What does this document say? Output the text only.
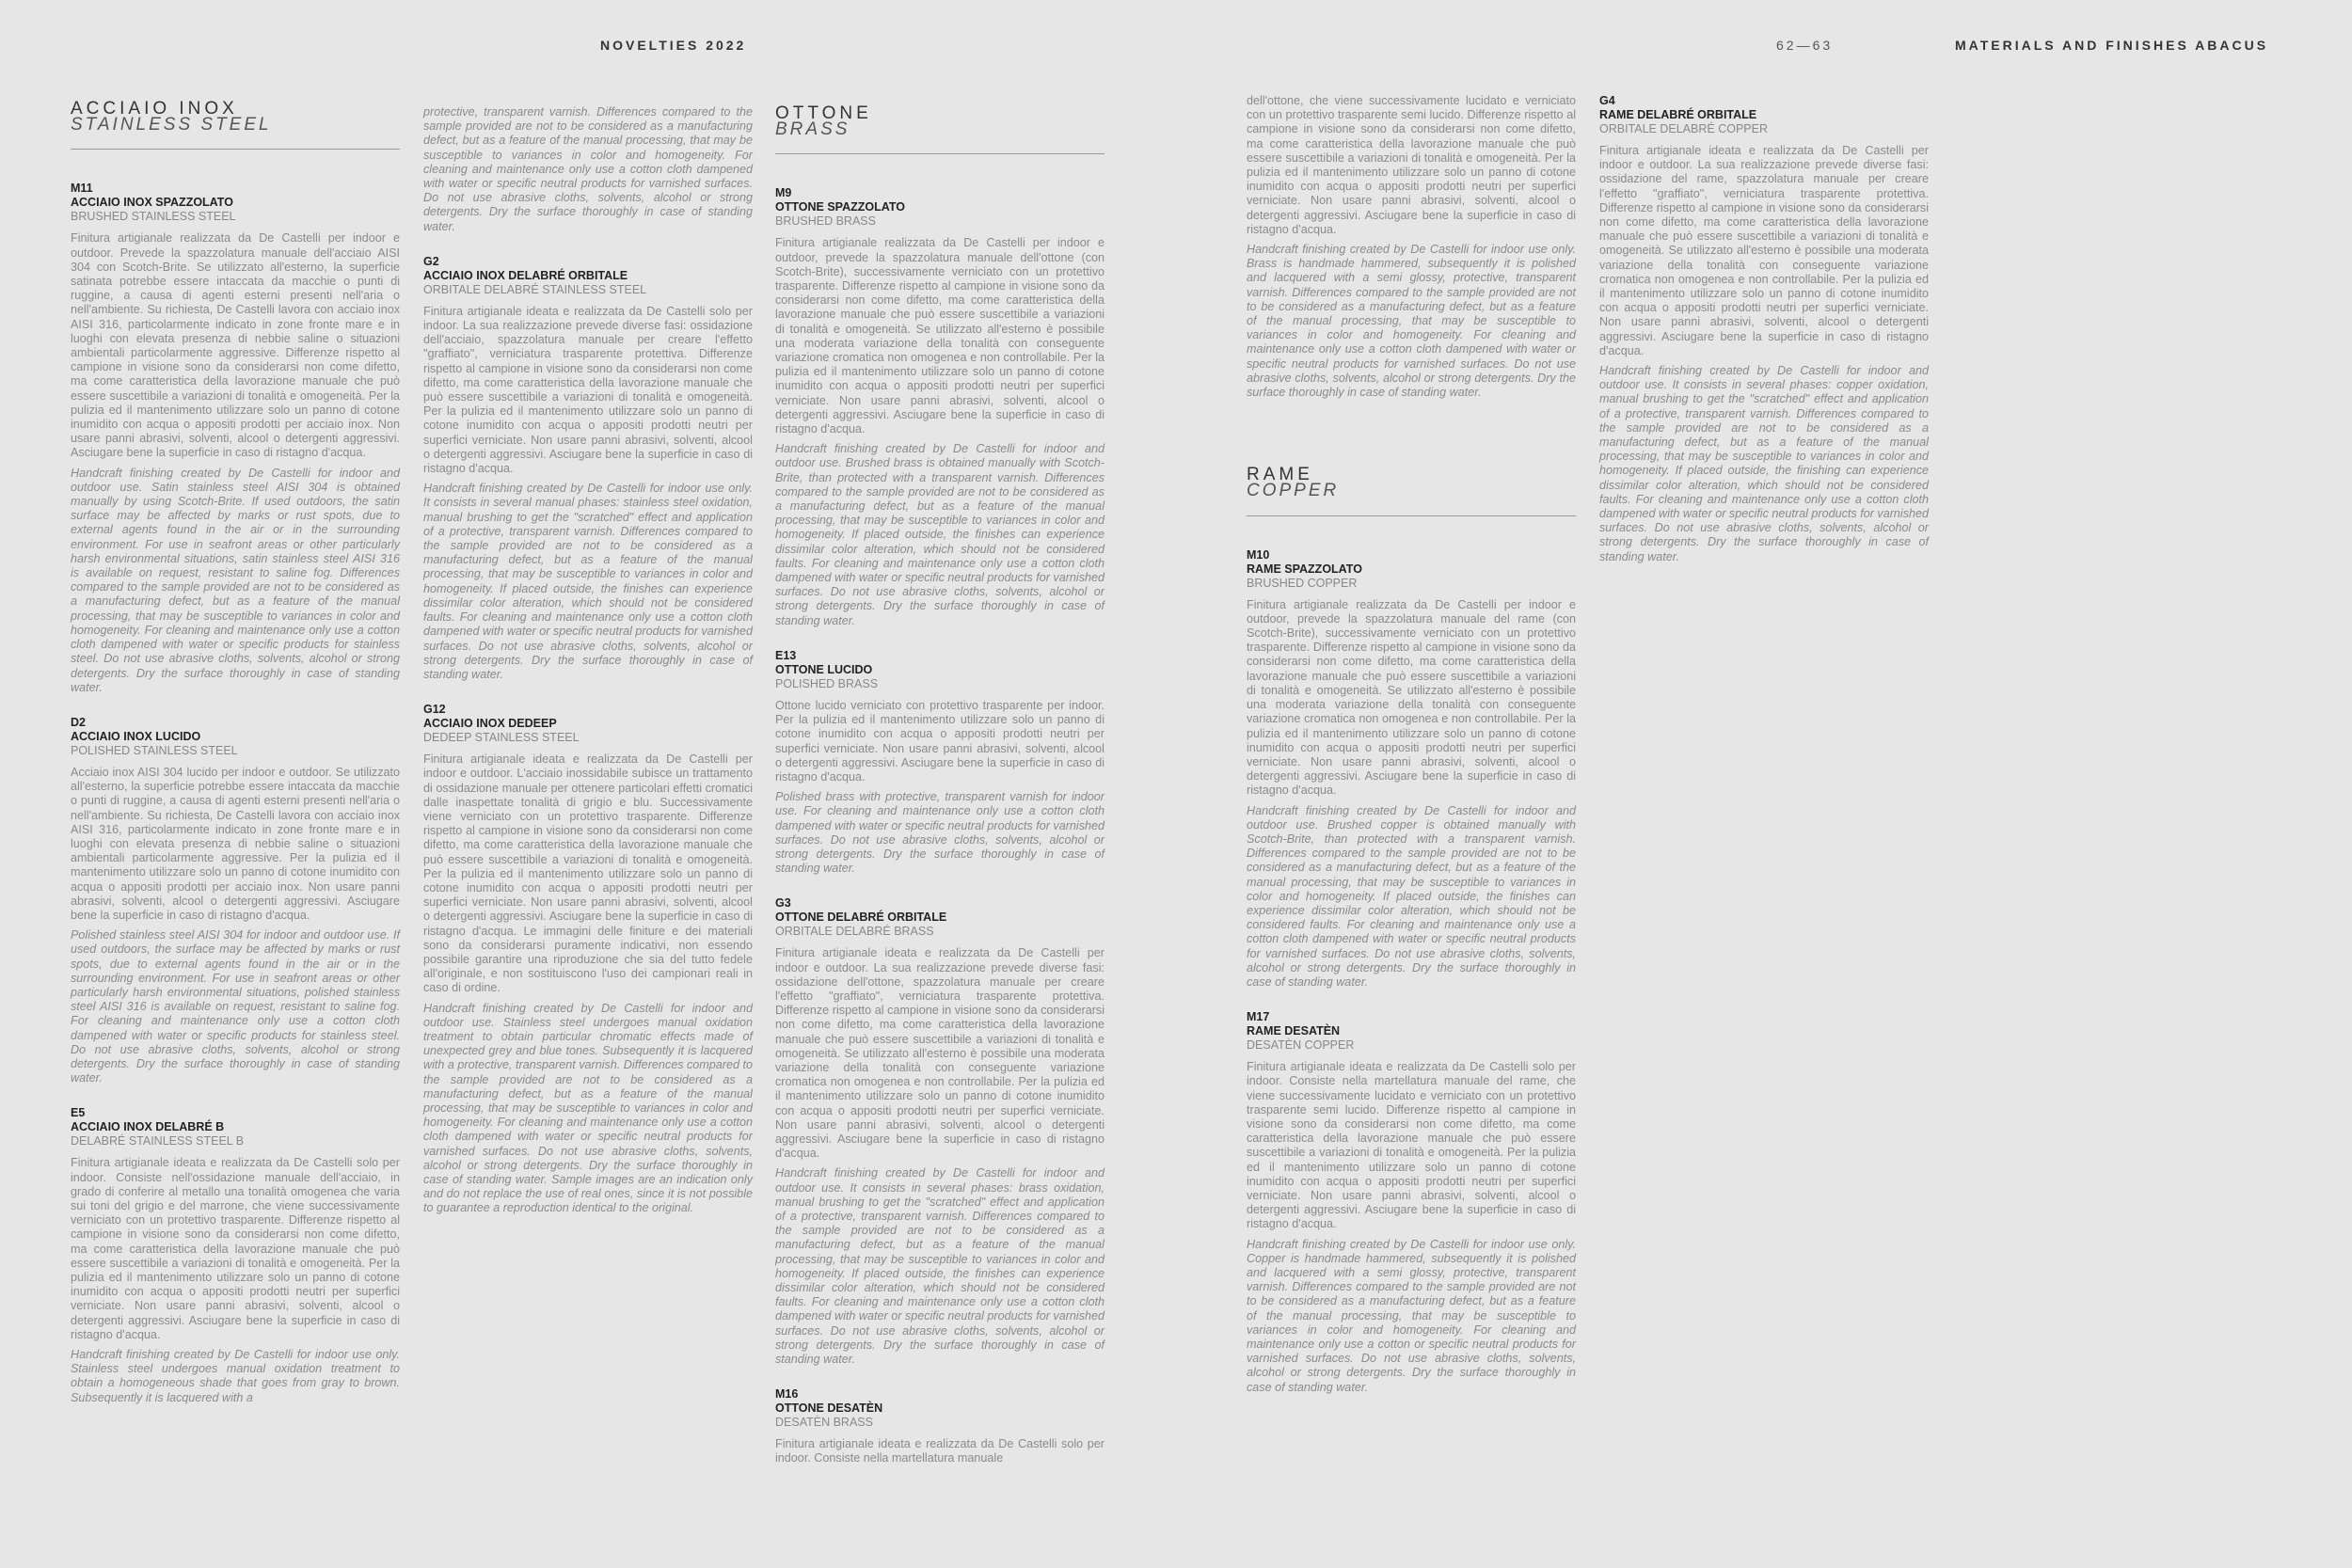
NOVELTIES 2022	62—63	MATERIALS AND FINISHES ABACUS
ACCIAIO INOX
STAINLESS STEEL
M11
ACCIAIO INOX SPAZZOLATO
BRUSHED STAINLESS STEEL

Finitura artigianale realizzata da De Castelli per indoor e outdoor. Prevede la spazzolatura manuale dell'acciaio AISI 304 con Scotch-Brite. Se utilizzato all'esterno, la superficie satinata potrebbe essere intaccata da macchie o punti di ruggine, a causa di agenti esterni presenti nell'aria o nell'ambiente. Su richiesta, De Castelli lavora con acciaio inox AISI 316, particolarmente indicato in zone fronte mare e in luoghi con elevata presenza di nebbie saline o situazioni ambientali particolarmente aggressive. Differenze rispetto al campione in visione sono da considerarsi non come difetto, ma come caratteristica della lavorazione manuale che può essere suscettibile a variazioni di tonalità e omogeneità. Per la pulizia ed il mantenimento utilizzare solo un panno di cotone inumidito con acqua o appositi prodotti per acciaio inox. Non usare panni abrasivi, solventi, alcool o detergenti aggressivi. Asciugare bene la superficie in caso di ristagno d'acqua.

Handcraft finishing created by De Castelli for indoor and outdoor use. Satin stainless steel AISI 304 is obtained manually by using Scotch-Brite. If used outdoors, the satin surface may be affected by marks or rust spots, due to external agents found in the air or in the surrounding environment. For use in seafront areas or other particularly harsh environmental situations, satin stainless steel AISI 316 is available on request, resistant to saline fog. Differences compared to the sample provided are not to be considered as a manufacturing defect, but as a feature of the manual processing, that may be susceptible to variances in color and homogeneity. For cleaning and maintenance only use a cotton cloth dampened with water or specific products for stainless steel. Do not use abrasive cloths, solvents, alcohol or strong detergents. Dry the surface thoroughly in case of standing water.

D2
ACCIAIO INOX LUCIDO
POLISHED STAINLESS STEEL

Acciaio inox AISI 304 lucido per indoor e outdoor. Se utilizzato all'esterno, la superficie potrebbe essere intaccata da macchie o punti di ruggine, a causa di agenti esterni presenti nell'aria o nell'ambiente. Su richiesta, De Castelli lavora con acciaio inox AISI 316, particolarmente indicato in zone fronte mare e in luoghi con elevata presenza di nebbie saline o situazioni ambientali particolarmente aggressive. Per la pulizia ed il mantenimento utilizzare solo un panno di cotone inumidito con acqua o appositi prodotti per acciaio inox. Non usare panni abrasivi, solventi, alcool o detergenti aggressivi. Asciugare bene la superficie in caso di ristagno d'acqua.

Polished stainless steel AISI 304 for indoor and outdoor use. If used outdoors, the surface may be affected by marks or rust spots, due to external agents found in the air or in the surrounding environment. For use in seafront areas or other particularly harsh environmental situations, polished stainless steel AISI 316 is available on request, resistant to saline fog. For cleaning and maintenance only use a cotton cloth dampened with water or specific products for stainless steel. Do not use abrasive cloths, solvents, alcohol or strong detergents. Dry the surface thoroughly in case of standing water.

E5
ACCIAIO INOX DELABRÉ B
DELABRÉ STAINLESS STEEL B

Finitura artigianale ideata e realizzata da De Castelli solo per indoor. Consiste nell'ossidazione manuale dell'acciaio, in grado di conferire al metallo una tonalità omogenea che varia sui toni del grigio e del marrone, che viene successivamente verniciato con un protettivo trasparente. Differenze rispetto al campione in visione sono da considerarsi non come difetto, ma come caratteristica della lavorazione manuale che può essere suscettibile a variazioni di tonalità e omogeneità. Per la pulizia ed il mantenimento utilizzare solo un panno di cotone inumidito con acqua o appositi prodotti neutri per superfici verniciate. Non usare panni abrasivi, solventi, alcool o detergenti aggressivi. Asciugare bene la superficie in caso di ristagno d'acqua.

Handcraft finishing created by De Castelli for indoor use only. Stainless steel undergoes manual oxidation treatment to obtain a homogeneous shade that goes from gray to brown. Subsequently it is lacquered with a

protective, transparent varnish. Differences compared to the sample provided are not to be considered as a manufacturing defect, but as a feature of the manual processing, that may be susceptible to variances in color and homogeneity. For cleaning and maintenance only use a cotton cloth dampened with water or specific neutral products for varnished surfaces. Do not use abrasive cloths, solvents, alcohol or strong detergents. Dry the surface thoroughly in case of standing water.

G2
ACCIAIO INOX DELABRÉ ORBITALE
ORBITALE DELABRÉ STAINLESS STEEL

Finitura artigianale ideata e realizzata da De Castelli solo per indoor. La sua realizzazione prevede diverse fasi: ossidazione dell'acciaio, spazzolatura manuale per creare l'effetto "graffiato", verniciatura trasparente protettiva. Differenze rispetto al campione in visione sono da considerarsi non come difetto, ma come caratteristica della lavorazione manuale che può essere suscettibile a variazioni di tonalità e omogeneità. Per la pulizia ed il mantenimento utilizzare solo un panno di cotone inumidito con acqua o appositi prodotti neutri per superfici verniciate. Non usare panni abrasivi, solventi, alcool o detergenti aggressivi. Asciugare bene la superficie in caso di ristagno d'acqua.

Handcraft finishing created by De Castelli for indoor use only. It consists in several manual phases: stainless steel oxidation, manual brushing to get the "scratched" effect and application of a protective, transparent varnish. Differences compared to the sample provided are not to be considered as a manufacturing defect, but as a feature of the manual processing, that may be susceptible to variances in color and homogeneity. If placed outside, the finishes can experience dissimilar color alteration, which should not be considered faults. For cleaning and maintenance only use a cotton cloth dampened with water or specific neutral products for varnished surfaces. Do not use abrasive cloths, solvents, alcohol or strong detergents. Dry the surface thoroughly in case of standing water.

G12
ACCIAIO INOX DEDEEP
DEDEEP STAINLESS STEEL

Finitura artigianale ideata e realizzata da De Castelli per indoor e outdoor. L'acciaio inossidabile subisce un trattamento di ossidazione manuale per ottenere particolari effetti cromatici dalle inaspettate tonalità di grigio e blu. Successivamente viene verniciato con un protettivo trasparente. Differenze rispetto al campione in visione sono da considerarsi non come difetto, ma come caratteristica della lavorazione manuale che può essere suscettibile a variazioni di tonalità e omogeneità. Per la pulizia ed il mantenimento utilizzare solo un panno di cotone inumidito con acqua o appositi prodotti neutri per superfici verniciate. Non usare panni abrasivi, solventi, alcool o detergenti aggressivi. Asciugare bene la superficie in caso di ristagno d'acqua. Le immagini delle finiture e dei materiali sono da considerarsi puramente indicativi, non essendo possibile garantire una riproduzione che sia del tutto fedele all'originale, e non sostituiscono l'uso dei campionari reali in caso di ordine.

Handcraft finishing created by De Castelli for indoor and outdoor use. Stainless steel undergoes manual oxidation treatment to obtain particular chromatic effects made of unexpected grey and blue tones. Subsequently it is lacquered with a protective, transparent varnish. Differences compared to the sample provided are not to be considered as a manufacturing defect, but as a feature of the manual processing, that may be susceptible to variances in color and homogeneity. For cleaning and maintenance only use a cotton cloth dampened with water or specific neutral products for varnished surfaces. Do not use abrasive cloths, solvents, alcohol or strong detergents. Dry the surface thoroughly in case of standing water. Sample images are an indication only and do not replace the use of real ones, since it is not possible to guarantee a reproduction identical to the original.

OTTONE
BRASS
M9
OTTONE SPAZZOLATO
BRUSHED BRASS

Finitura artigianale realizzata da De Castelli per indoor e outdoor, prevede la spazzolatura manuale dell'ottone (con Scotch-Brite), successivamente verniciato con un protettivo trasparente. Differenze rispetto al campione in visione sono da considerarsi non come difetto, ma come caratteristica della lavorazione manuale che può essere suscettibile a variazioni di tonalità e omogeneità. Se utilizzato all'esterno è possibile una moderata variazione della tonalità con conseguente variazione cromatica non omogenea e non controllabile. Per la pulizia ed il mantenimento utilizzare solo un panno di cotone inumidito con acqua o appositi prodotti neutri per superfici verniciate. Non usare panni abrasivi, solventi, alcool o detergenti aggressivi. Asciugare bene la superficie in caso di ristagno d'acqua.

Handcraft finishing created by De Castelli for indoor and outdoor use. Brushed brass is obtained manually with Scotch-Brite, than protected with a transparent varnish. Differences compared to the sample provided are not to be considered as a manufacturing defect, but as a feature of the manual processing, that may be susceptible to variances in color and homogeneity. If placed outside, the finishes can experience dissimilar color alteration, which should not be considered faults. For cleaning and maintenance only use a cotton cloth dampened with water or specific neutral products for varnished surfaces. Do not use abrasive cloths, solvents, alcohol or strong detergents. Dry the surface thoroughly in case of standing water.

E13
OTTONE LUCIDO
POLISHED BRASS

Ottone lucido verniciato con protettivo trasparente per indoor. Per la pulizia ed il mantenimento utilizzare solo un panno di cotone inumidito con acqua o appositi prodotti neutri per superfici verniciate. Non usare panni abrasivi, solventi, alcool o detergenti aggressivi. Asciugare bene la superficie in caso di ristagno d'acqua.

Polished brass with protective, transparent varnish for indoor use. For cleaning and maintenance only use a cotton cloth dampened with water or specific neutral products for varnished surfaces. Do not use abrasive cloths, solvents, alcohol or strong detergents. Dry the surface thoroughly in case of standing water.

G3
OTTONE DELABRÉ ORBITALE
ORBITALE DELABRÉ BRASS

Finitura artigianale ideata e realizzata da De Castelli per indoor e outdoor. La sua realizzazione prevede diverse fasi: ossidazione dell'ottone, spazzolatura manuale per creare l'effetto "graffiato", verniciatura trasparente protettiva. Differenze rispetto al campione in visione sono da considerarsi non come difetto, ma come caratteristica della lavorazione manuale che può essere suscettibile a variazioni di tonalità e omogeneità. Se utilizzato all'esterno è possibile una moderata variazione della tonalità con conseguente variazione cromatica non omogenea e non controllabile. Per la pulizia ed il mantenimento utilizzare solo un panno di cotone inumidito con acqua o appositi prodotti neutri per superfici verniciate. Non usare panni abrasivi, solventi, alcool o detergenti aggressivi. Asciugare bene la superficie in caso di ristagno d'acqua.

Handcraft finishing created by De Castelli for indoor and outdoor use. It consists in several phases: brass oxidation, manual brushing to get the "scratched" effect and application of a protective, transparent varnish. Differences compared to the sample provided are not to be considered as a manufacturing defect, but as a feature of the manual processing, that may be susceptible to variances in color and homogeneity. If placed outside, the finishes can experience dissimilar color alteration, which should not be considered faults. For cleaning and maintenance only use a cotton cloth dampened with water or specific neutral products for varnished surfaces. Do not use abrasive cloths, solvents, alcohol or strong detergents. Dry the surface thoroughly in case of standing water.

M16
OTTONE DESATÈN
DESATÈN BRASS

Finitura artigianale ideata e realizzata da De Castelli solo per indoor. Consiste nella martellatura manuale

dell'ottone, che viene successivamente lucidato e verniciato con un protettivo trasparente semi lucido. Differenze rispetto al campione in visione sono da considerarsi non come difetto, ma come caratteristica della lavorazione manuale che può essere suscettibile a variazioni di tonalità e omogeneità. Per la pulizia ed il mantenimento utilizzare solo un panno di cotone inumidito con acqua o appositi prodotti neutri per superfici verniciate. Non usare panni abrasivi, solventi, alcool o detergenti aggressivi. Asciugare bene la superficie in caso di ristagno d'acqua.

Handcraft finishing created by De Castelli for indoor use only. Brass is handmade hammered, subsequently it is polished and lacquered with a semi glossy, protective, transparent varnish. Differences compared to the sample provided are not to be considered as a manufacturing defect, but as a feature of the manual processing, that may be susceptible to variances in color and homogeneity. For cleaning and maintenance only use a cotton cloth dampened with water or specific neutral products for varnished surfaces. Do not use abrasive cloths, solvents, alcohol or strong detergents. Dry the surface thoroughly in case of standing water.

RAME
COPPER
M10
RAME SPAZZOLATO
BRUSHED COPPER

Finitura artigianale realizzata da De Castelli per indoor e outdoor, prevede la spazzolatura manuale del rame (con Scotch-Brite), successivamente verniciato con un protettivo trasparente. Differenze rispetto al campione in visione sono da considerarsi non come difetto, ma come caratteristica della lavorazione manuale che può essere suscettibile a variazioni di tonalità e omogeneità. Se utilizzato all'esterno è possibile una moderata variazione della tonalità con conseguente variazione cromatica non omogenea e non controllabile. Per la pulizia ed il mantenimento utilizzare solo un panno di cotone inumidito con acqua o appositi prodotti neutri per superfici verniciate. Non usare panni abrasivi, solventi, alcool o detergenti aggressivi. Asciugare bene la superficie in caso di ristagno d'acqua.

Handcraft finishing created by De Castelli for indoor and outdoor use. Brushed copper is obtained manually with Scotch-Brite, than protected with a transparent varnish. Differences compared to the sample provided are not to be considered as a manufacturing defect, but as a feature of the manual processing, that may be susceptible to variances in color and homogeneity. If placed outside, the finishes can experience dissimilar color alteration, which should not be considered faults. For cleaning and maintenance only use a cotton cloth dampened with water or specific neutral products for varnished surfaces. Do not use abrasive cloths, solvents, alcohol or strong detergents. Dry the surface thoroughly in case of standing water.

M17
RAME DESATÈN
DESATÈN COPPER

Finitura artigianale ideata e realizzata da De Castelli solo per indoor. Consiste nella martellatura manuale del rame, che viene successivamente lucidato e verniciato con un protettivo trasparente semi lucido. Differenze rispetto al campione in visione sono da considerarsi non come difetto, ma come caratteristica della lavorazione manuale che può essere suscettibile a variazioni di tonalità e omogeneità. Per la pulizia ed il mantenimento utilizzare solo un panno di cotone inumidito con acqua o appositi prodotti neutri per superfici verniciate. Non usare panni abrasivi, solventi, alcool o detergenti aggressivi. Asciugare bene la superficie in caso di ristagno d'acqua.

Handcraft finishing created by De Castelli for indoor use only. Copper is handmade hammered, subsequently it is polished and lacquered with a semi glossy, protective, transparent varnish. Differences compared to the sample provided are not to be considered as a manufacturing defect, but as a feature of the manual processing, that may be susceptible to variances in color and homogeneity. For cleaning and maintenance only use a cotton or specific neutral products for varnished surfaces. Do not use abrasive cloths, solvents, alcohol or strong detergents. Dry the surface thoroughly in case of standing water.

G4
RAME DELABRÉ ORBITALE
ORBITALE DELABRÉ COPPER

Finitura artigianale ideata e realizzata da De Castelli per indoor e outdoor. La sua realizzazione prevede diverse fasi: ossidazione del rame, spazzolatura manuale per creare l'effetto "graffiato", verniciatura trasparente protettiva. Differenze rispetto al campione in visione sono da considerarsi non come difetto, ma come caratteristica della lavorazione manuale che può essere suscettibile a variazioni di tonalità e omogeneità. Se utilizzato all'esterno è possibile una moderata variazione della tonalità con conseguente variazione cromatica non omogenea e non controllabile. Per la pulizia ed il mantenimento utilizzare solo un panno di cotone inumidito con acqua o appositi prodotti neutri per superfici verniciate. Non usare panni abrasivi, solventi, alcool o detergenti aggressivi. Asciugare bene la superficie in caso di ristagno d'acqua.

Handcraft finishing created by De Castelli for indoor and outdoor use. It consists in several phases: copper oxidation, manual brushing to get the "scratched" effect and application of a protective, transparent varnish. Differences compared to the sample provided are not to be considered as a manufacturing defect, but as a feature of the manual processing, that may be susceptible to variances in color and homogeneity. If placed outside, the finishing can experience dissimilar color alteration, which should not be considered faults. For cleaning and maintenance only use a cotton cloth dampened with water or specific neutral products for varnished surfaces. Do not use abrasive cloths, solvents, alcohol or strong detergents. Dry the surface thoroughly in case of standing water.
